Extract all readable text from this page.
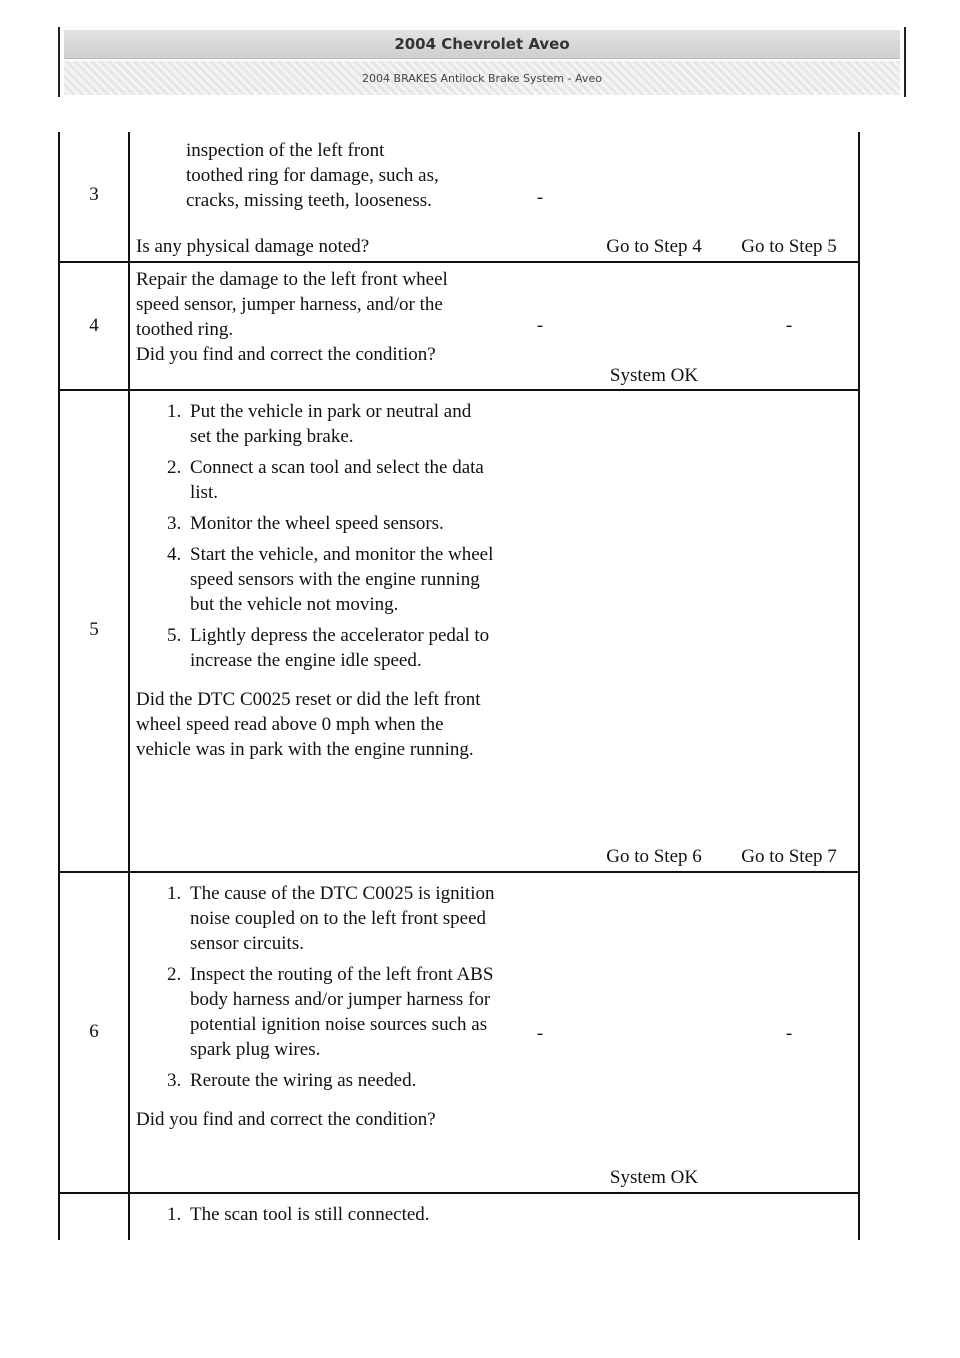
2004 Chevrolet Aveo
2004 BRAKES Antilock Brake System - Aveo
3
inspection of the left front
toothed ring for damage, such as,
cracks, missing teeth, looseness.
Is any physical damage noted?
-
Go to Step 4	Go to Step 5
4
Repair the damage to the left front wheel speed sensor, jumper harness, and/or the toothed ring.
Did you find and correct the condition?
-
System OK
-
5
1. Put the vehicle in park or neutral and set the parking brake.
2. Connect a scan tool and select the data list.
3. Monitor the wheel speed sensors.
4. Start the vehicle, and monitor the wheel speed sensors with the engine running but the vehicle not moving.
5. Lightly depress the accelerator pedal to increase the engine idle speed.
Did the DTC C0025 reset or did the left front wheel speed read above 0 mph when the vehicle was in park with the engine running.
Go to Step 6	Go to Step 7
6
1. The cause of the DTC C0025 is ignition noise coupled on to the left front speed sensor circuits.
2. Inspect the routing of the left front ABS body harness and/or jumper harness for potential ignition noise sources such as spark plug wires.
3. Reroute the wiring as needed.
Did you find and correct the condition?
-
System OK
-
1. The scan tool is still connected.
